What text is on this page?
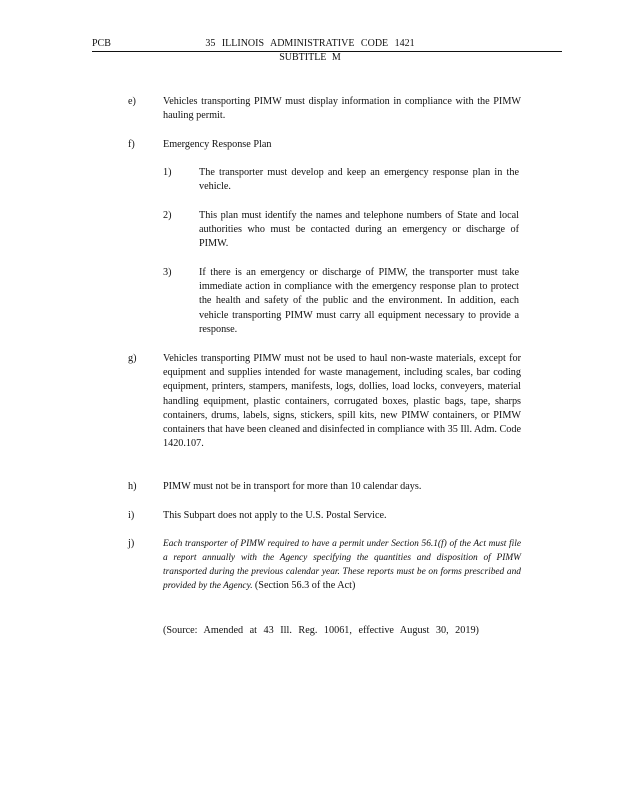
PCB	35 ILLINOIS ADMINISTRATIVE CODE 1421
SUBTITLE M
e)	Vehicles transporting PIMW must display information in compliance with the PIMW hauling permit.
f)	Emergency Response Plan
1)	The transporter must develop and keep an emergency response plan in the vehicle.
2)	This plan must identify the names and telephone numbers of State and local authorities who must be contacted during an emergency or discharge of PIMW.
3)	If there is an emergency or discharge of PIMW, the transporter must take immediate action in compliance with the emergency response plan to protect the health and safety of the public and the environment. In addition, each vehicle transporting PIMW must carry all equipment necessary to provide a response.
g)	Vehicles transporting PIMW must not be used to haul non-waste materials, except for equipment and supplies intended for waste management, including scales, bar coding equipment, printers, stampers, manifests, logs, dollies, load locks, conveyers, material handling equipment, plastic containers, corrugated boxes, plastic bags, tape, sharps containers, drums, labels, signs, stickers, spill kits, new PIMW containers, or PIMW containers that have been cleaned and disinfected in compliance with 35 Ill. Adm. Code 1420.107.
h)	PIMW must not be in transport for more than 10 calendar days.
i)	This Subpart does not apply to the U.S. Postal Service.
j)	Each transporter of PIMW required to have a permit under Section 56.1(f) of the Act must file a report annually with the Agency specifying the quantities and disposition of PIMW transported during the previous calendar year. These reports must be on forms prescribed and provided by the Agency. (Section 56.3 of the Act)
(Source: Amended at 43 Ill. Reg. 10061, effective August 30, 2019)
